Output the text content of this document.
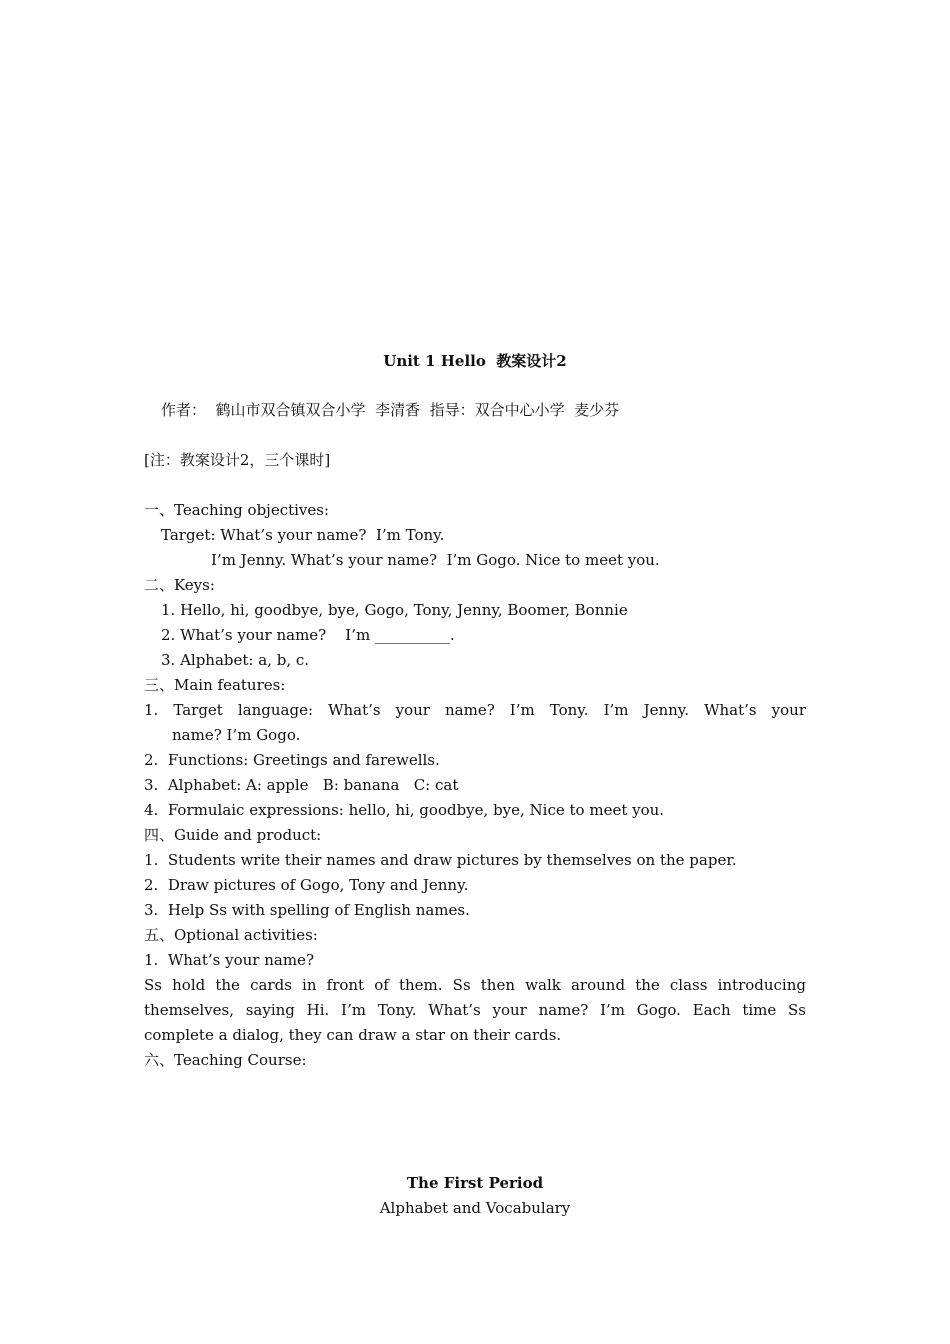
Unit 1 Hello  教案设计2
作者：  鹤山市双合镇双合小学  李清香  指导：双合中心小学  麦少芬
[注：教案设计2，三个课时]
一、Teaching objectives:
Target: What’s your name?  I’m Tony.
I’m Jenny. What’s your name?  I’m Gogo. Nice to meet you.
二、Keys:
1. Hello, hi, goodbye, bye, Gogo, Tony, Jenny, Boomer, Bonnie
2. What’s your name?    I’m __________.
3. Alphabet: a, b, c.
三、Main features:
1. Target language: What’s your name? I’m Tony. I’m Jenny. What’s your
name? I’m Gogo.
2.  Functions: Greetings and farewells.
3.  Alphabet: A: apple   B: banana   C: cat
4.  Formulaic expressions: hello, hi, goodbye, bye, Nice to meet you.
四、Guide and product:
1.  Students write their names and draw pictures by themselves on the paper.
2.  Draw pictures of Gogo, Tony and Jenny.
3.  Help Ss with spelling of English names.
五、Optional activities:
1.  What’s your name?
Ss hold the cards in front of them. Ss then walk around the class introducing
themselves, saying Hi. I’m Tony. What’s your name? I’m Gogo. Each time Ss
complete a dialog, they can draw a star on their cards.
六、Teaching Course:
The First Period
Alphabet and Vocabulary
